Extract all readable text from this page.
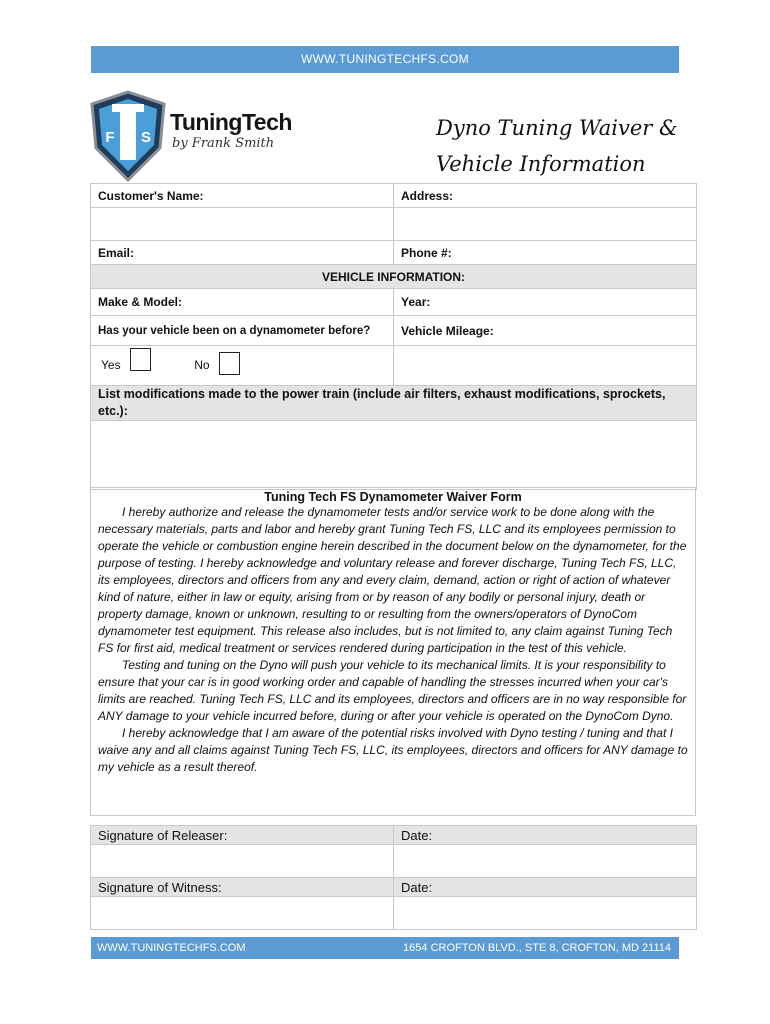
WWW.TUNINGTECHFS.COM
F S
TuningTech
by Frank Smith
Dyno Tuning Waiver &
Vehicle Information
Customer's Name:	Address:

Email:	Phone #:
VEHICLE INFORMATION:	
Make & Model:	Year:
Has your vehicle been on a dynamometer before?	Vehicle Mileage:
Yes No	
List modifications made to the power train (include air filters, exhaust modifications, sprockets, etc.):	

Tuning Tech FS Dynamometer Waiver Form

I hereby authorize and release the dynamometer tests and/or service work to be done along with the necessary materials, parts and labor and hereby grant Tuning Tech FS, LLC and its employees permission to operate the vehicle or combustion engine herein described in the document below on the dynamometer, for the purpose of testing. I hereby acknowledge and voluntary release and forever discharge, Tuning Tech FS, LLC, its employees, directors and officers from any and every claim, demand, action or right of action of whatever kind of nature, either in law or equity, arising from or by reason of any bodily or personal injury, death or property damage, known or unknown, resulting to or resulting from the owners/operators of DynoCom dynamometer test equipment. This release also includes, but is not limited to, any claim against Tuning Tech FS for first aid, medical treatment or services rendered during participation in the test of this vehicle.

Testing and tuning on the Dyno will push your vehicle to its mechanical limits. It is your responsibility to ensure that your car is in good working order and capable of handling the stresses incurred when your car's limits are reached. Tuning Tech FS, LLC and its employees, directors and officers are in no way responsible for ANY damage to your vehicle incurred before, during or after your vehicle is operated on the DynoCom Dyno.

I hereby acknowledge that I am aware of the potential risks involved with Dyno testing / tuning and that I waive any and all claims against Tuning Tech FS, LLC, its employees, directors and officers for ANY damage to my vehicle as a result thereof.

Signature of Releaser:	Date:

Signature of Witness:	Date:

WWW.TUNINGTECHFS.COM	1654 CROFTON BLVD., STE 8, CROFTON, MD 21114
